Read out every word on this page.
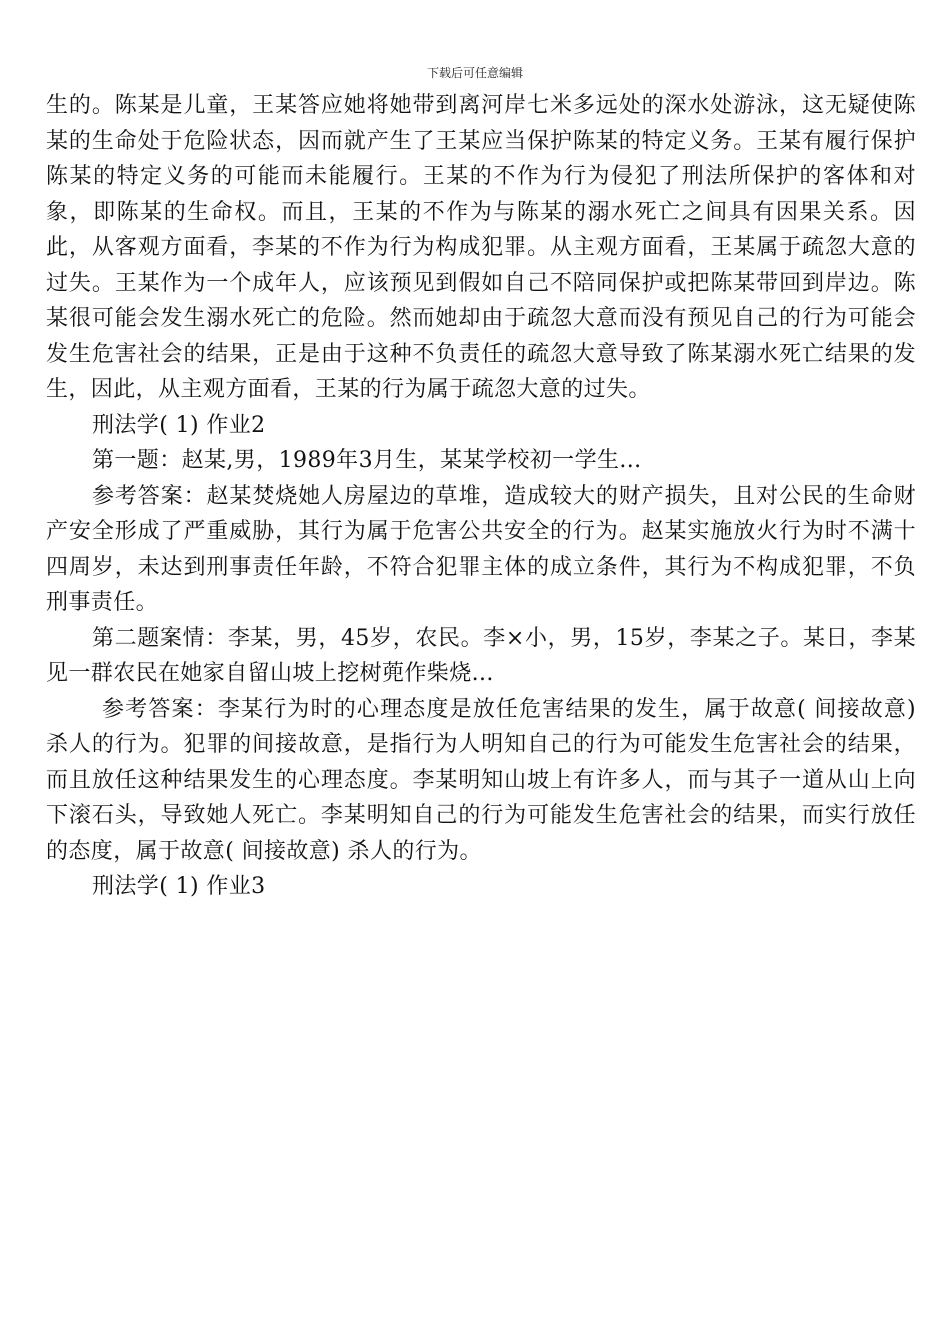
下载后可任意编辑

生的。陈某是儿童，王某答应她将她带到离河岸七米多远处的深水处游泳，这无疑使陈某的生命处于危险状态，因而就产生了王某应当保护陈某的特定义务。王某有履行保护陈某的特定义务的可能而未能履行。王某的不作为行为侵犯了刑法所保护的客体和对象，即陈某的生命权。而且，王某的不作为与陈某的溺水死亡之间具有因果关系。因此，从客观方面看，李某的不作为行为构成犯罪。从主观方面看，王某属于疏忽大意的过失。王某作为一个成年人，应该预见到假如自己不陪同保护或把陈某带回到岸边。陈某很可能会发生溺水死亡的危险。然而她却由于疏忽大意而没有预见自己的行为可能会发生危害社会的结果，正是由于这种不负责任的疏忽大意导致了陈某溺水死亡结果的发生，因此，从主观方面看，王某的行为属于疏忽大意的过失。

刑法学( 1) 作业2

第一题：赵某,男，1989年3月生，某某学校初一学生...

参考答案：赵某焚烧她人房屋边的草堆，造成较大的财产损失，且对公民的生命财产安全形成了严重威胁，其行为属于危害公共安全的行为。赵某实施放火行为时不满十四周岁，未达到刑事责任年龄，不符合犯罪主体的成立条件，其行为不构成犯罪，不负刑事责任。

第二题案情：李某，男，45岁，农民。李×小，男，15岁，李某之子。某日，李某见一群农民在她家自留山坡上挖树蔸作柴烧...

参考答案：李某行为时的心理态度是放任危害结果的发生，属于故意( 间接故意) 杀人的行为。犯罪的间接故意，是指行为人明知自己的行为可能发生危害社会的结果，而且放任这种结果发生的心理态度。李某明知山坡上有许多人，而与其子一道从山上向下滚石头，导致她人死亡。李某明知自己的行为可能发生危害社会的结果，而实行放任的态度，属于故意( 间接故意) 杀人的行为。

刑法学( 1) 作业3
